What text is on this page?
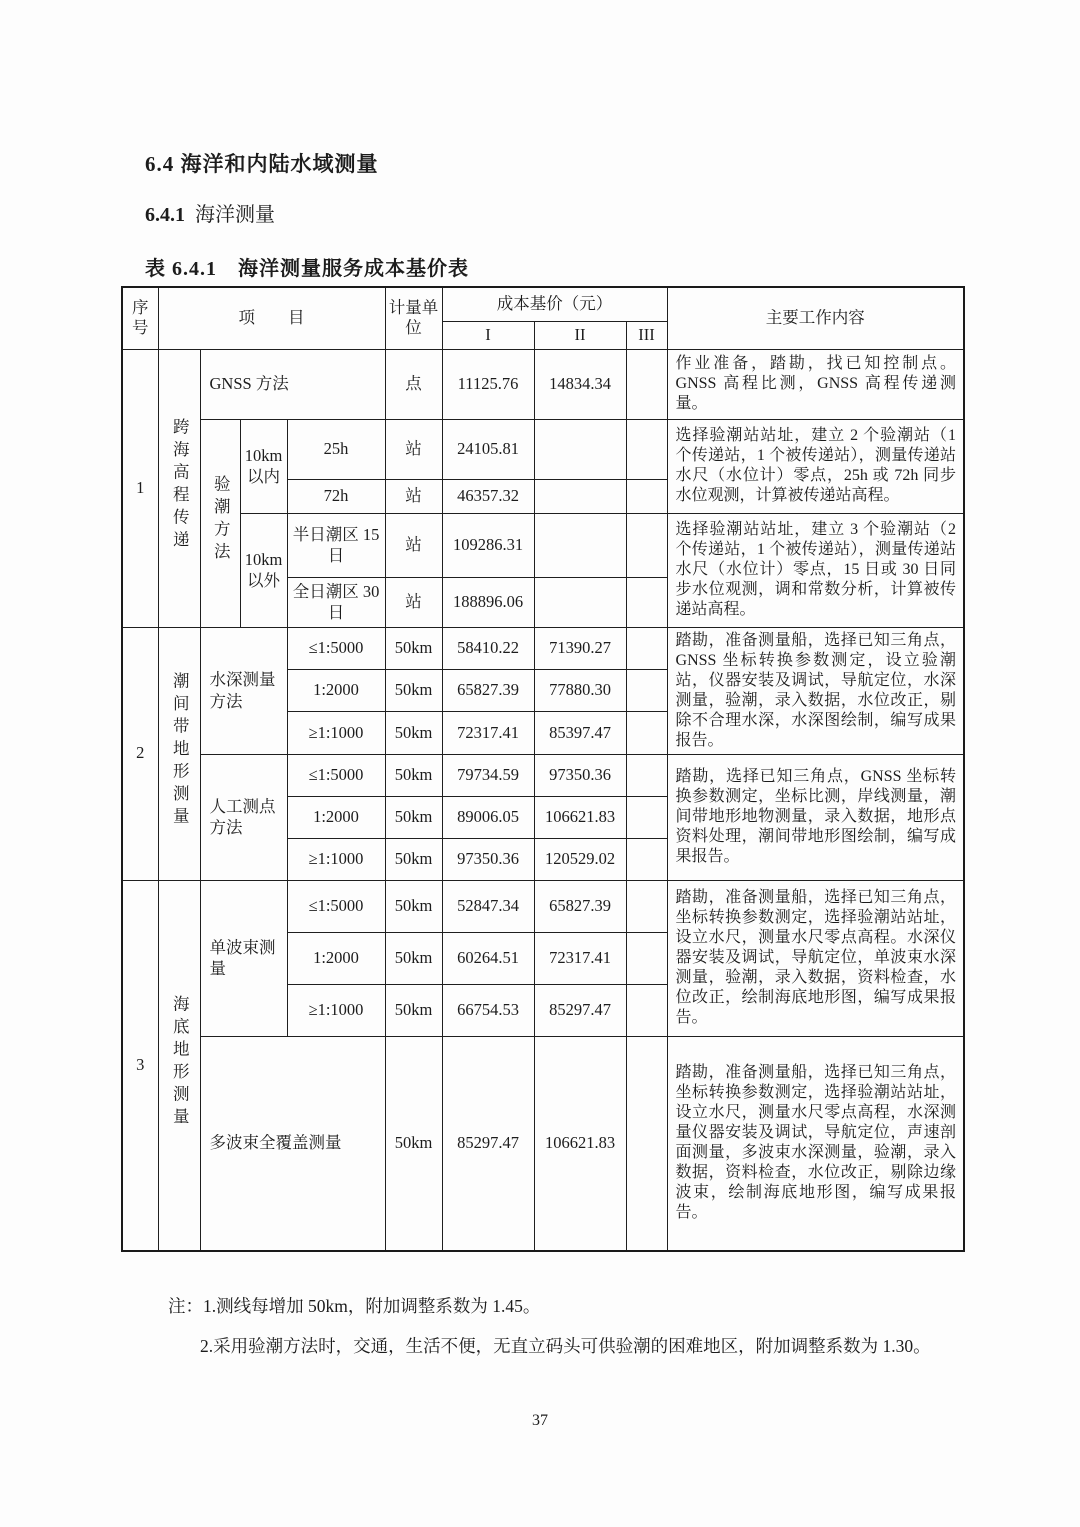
6.4 海洋和内陆水域测量
6.4.1 海洋测量
表 6.4.1　海洋测量服务成本基价表
序号	项　　目				计量单位	成本基价（元）			主要工作内容
						I	II	III	
1	跨海高程传递	GNSS 方法			点	11125.76	14834.34		作业准备，踏勘，找已知控制点。GNSS 高程比测，GNSS 高程传递测量。
		验潮方法	10km以内	25h	站	24105.81			选择验潮站站址，建立 2 个验潮站（1 个传递站，1 个被传递站），测量传递站水尺（水位计）零点，25h 或 72h 同步水位观测，计算被传递站高程。
				72h	站	46357.32			
			10km以外	半日潮区 15 日	站	109286.31			选择验潮站站址，建立 3 个验潮站（2 个传递站，1 个被传递站），测量传递站水尺（水位计）零点，15 日或 30 日同步水位观测，调和常数分析，计算被传递站高程。
				全日潮区 30 日	站	188896.06			
2	潮间带地形测量	水深测量方法		≤1:5000	50km	58410.22	71390.27		踏勘，准备测量船，选择已知三角点，GNSS 坐标转换参数测定，设立验潮站，仪器安装及调试，导航定位，水深测量，验潮，录入数据，水位改正，剔除不合理水深，水深图绘制，编写成果报告。
				1:2000	50km	65827.39	77880.30		
				≥1:1000	50km	72317.41	85397.47		
		人工测点方法		≤1:5000	50km	79734.59	97350.36		踏勘，选择已知三角点，GNSS 坐标转换参数测定，坐标比测，岸线测量，潮间带地形地物测量，录入数据，地形点资料处理，潮间带地形图绘制，编写成果报告。
				1:2000	50km	89006.05	106621.83		
				≥1:1000	50km	97350.36	120529.02		
3	海底地形测量	单波束测量		≤1:5000	50km	52847.34	65827.39		踏勘，准备测量船，选择已知三角点，坐标转换参数测定，选择验潮站站址，设立水尺，测量水尺零点高程。水深仪器安装及调试，导航定位，单波束水深测量，验潮，录入数据，资料检查，水位改正，绘制海底地形图，编写成果报告。
				1:2000	50km	60264.51	72317.41		
				≥1:1000	50km	66754.53	85297.47		
		多波束全覆盖测量			50km	85297.47	106621.83		踏勘，准备测量船，选择已知三角点，坐标转换参数测定，选择验潮站站址，设立水尺，测量水尺零点高程，水深测量仪器安装及调试，导航定位，声速剖面测量，多波束水深测量，验潮，录入数据，资料检查，水位改正，剔除边缘波束，绘制海底地形图，编写成果报告。

注：1.测线每增加 50km，附加调整系数为 1.45。

2.采用验潮方法时，交通，生活不便，无直立码头可供验潮的困难地区，附加调整系数为 1.30。

37
